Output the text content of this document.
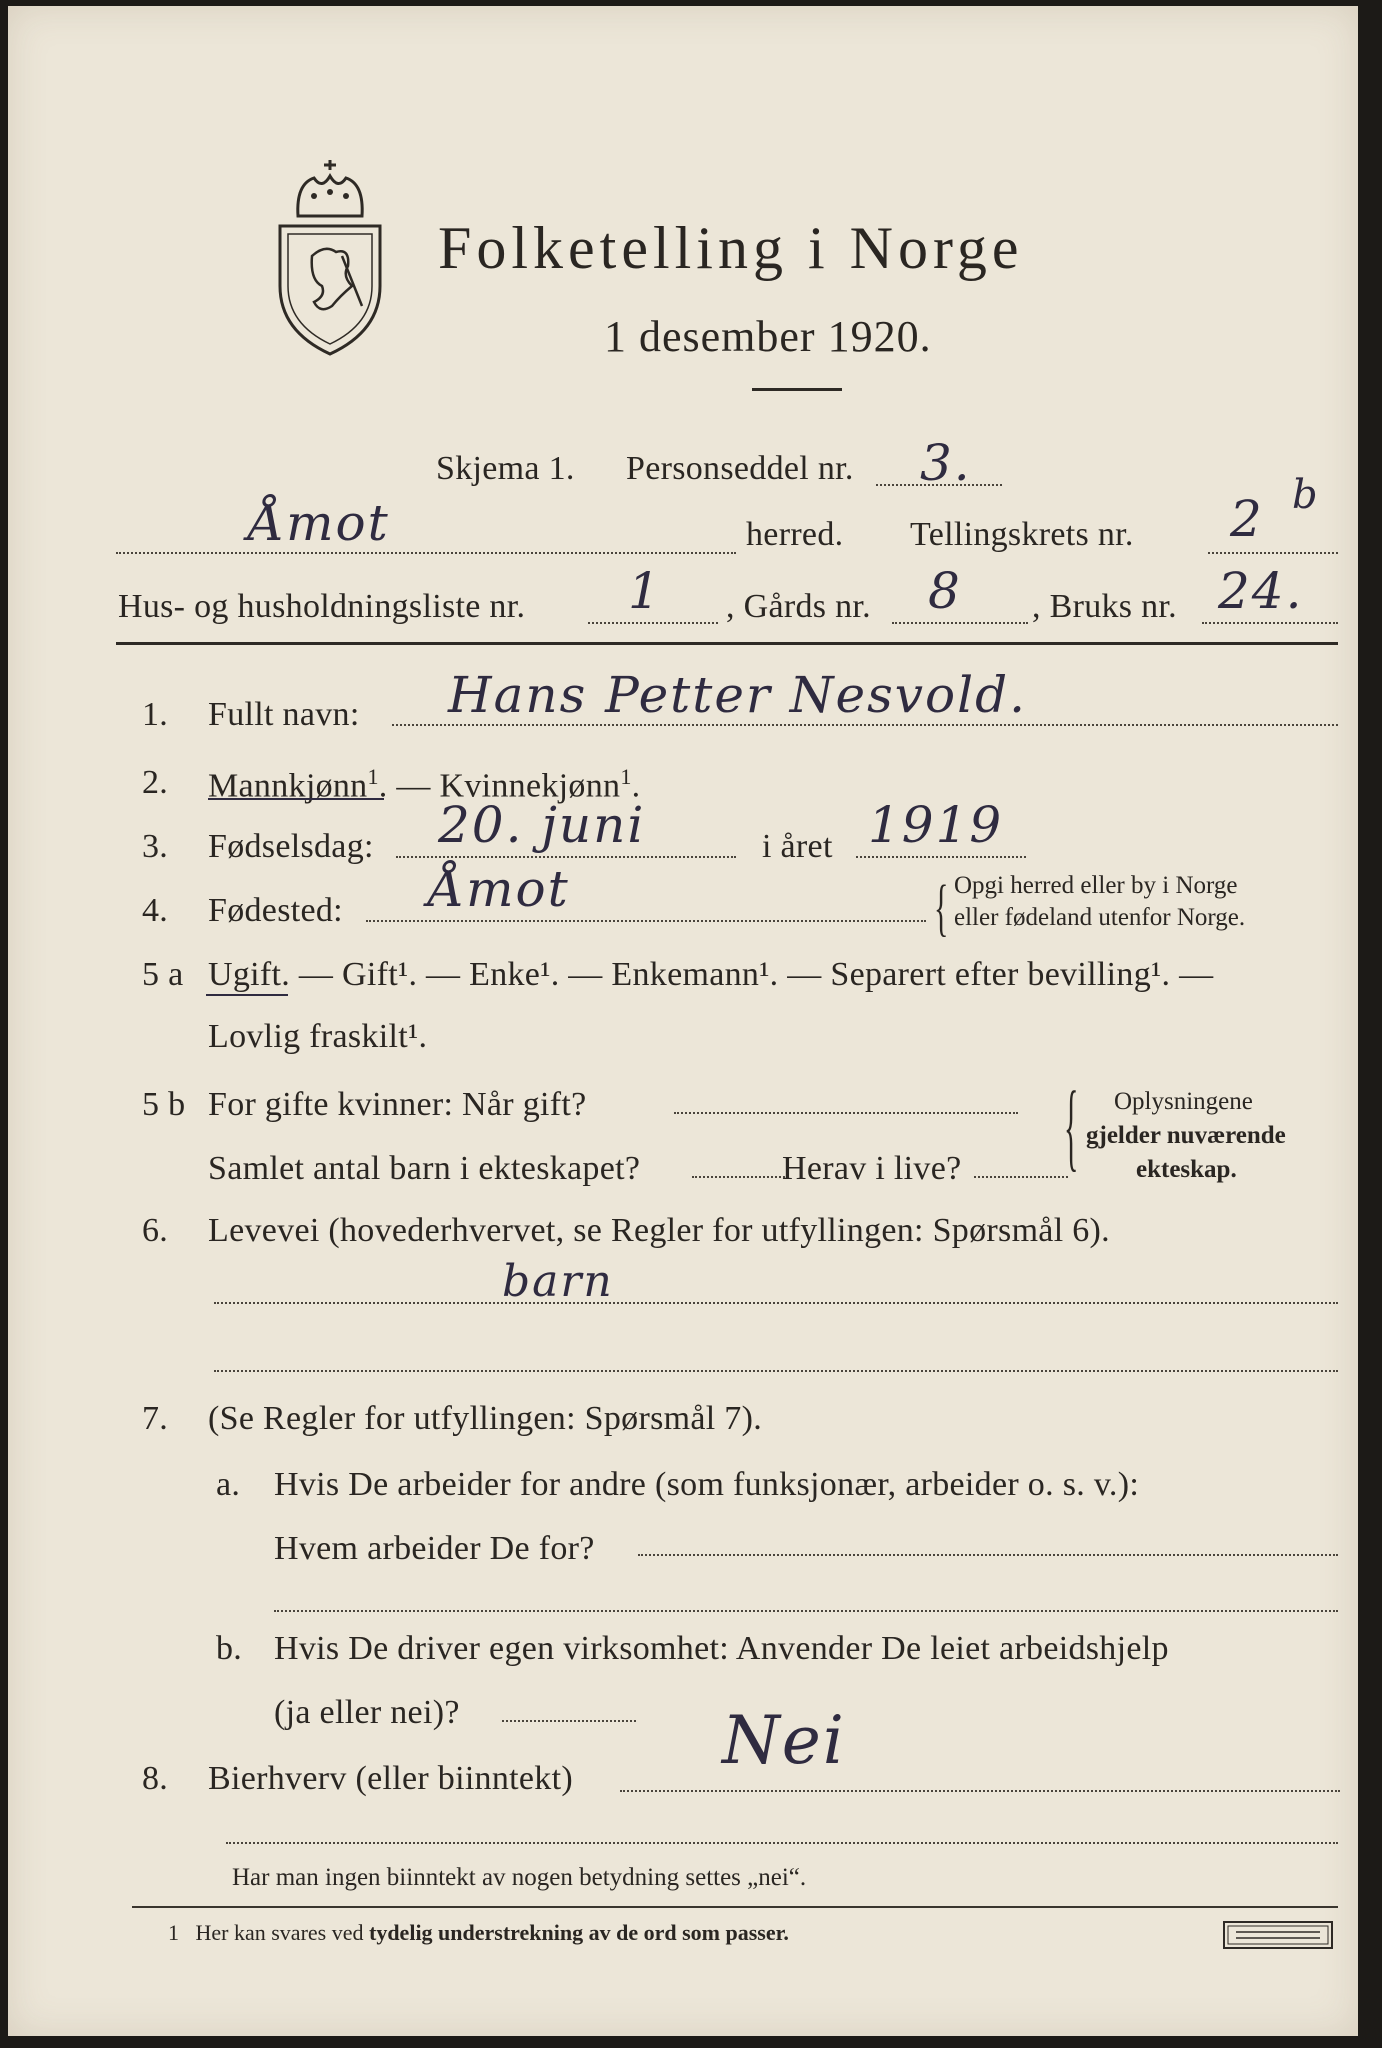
Folketelling i Norge
1 desember 1920.
Skjema 1. Personseddel nr. 3.
Åmot	herred. Tellingskrets nr. 2 b
Hus- og husholdningsliste nr. 1 , Gårds nr. 8 , Bruks nr. 24.
1. Fullt navn: Hans Petter Nesvold.
2. Mannkjønn$^1$. — Kvinnekjønn$^1$.
3. Fødselsdag: 20. juni	i året 1919
4. Fødested: Åmot	{ Opgi herred eller by i Norge
eller fødeland utenfor Norge.
5 a Ugift. — Gift¹. — Enke¹. — Enkemann¹. — Separert efter bevilling¹. —
Lovlig fraskilt¹.
5 b For gifte kvinner: Når gift?
Samlet antal barn i ekteskapet?	Herav i live?	{ Oplysningene
gjelder nuværende
ekteskap.
6. Levevei (hovederhvervet, se Regler for utfyllingen: Spørsmål 6).
barn
7. (Se Regler for utfyllingen: Spørsmål 7).
a. Hvis De arbeider for andre (som funksjonær, arbeider o. s. v.):
Hvem arbeider De for?
b. Hvis De driver egen virksomhet: Anvender De leiet arbeidshjelp
(ja eller nei)?
8. Bierhverv (eller biinntekt) Nei
Har man ingen biinntekt av nogen betydning settes „nei“.
1 Her kan svares ved tydelig understrekning av de ord som passer.
